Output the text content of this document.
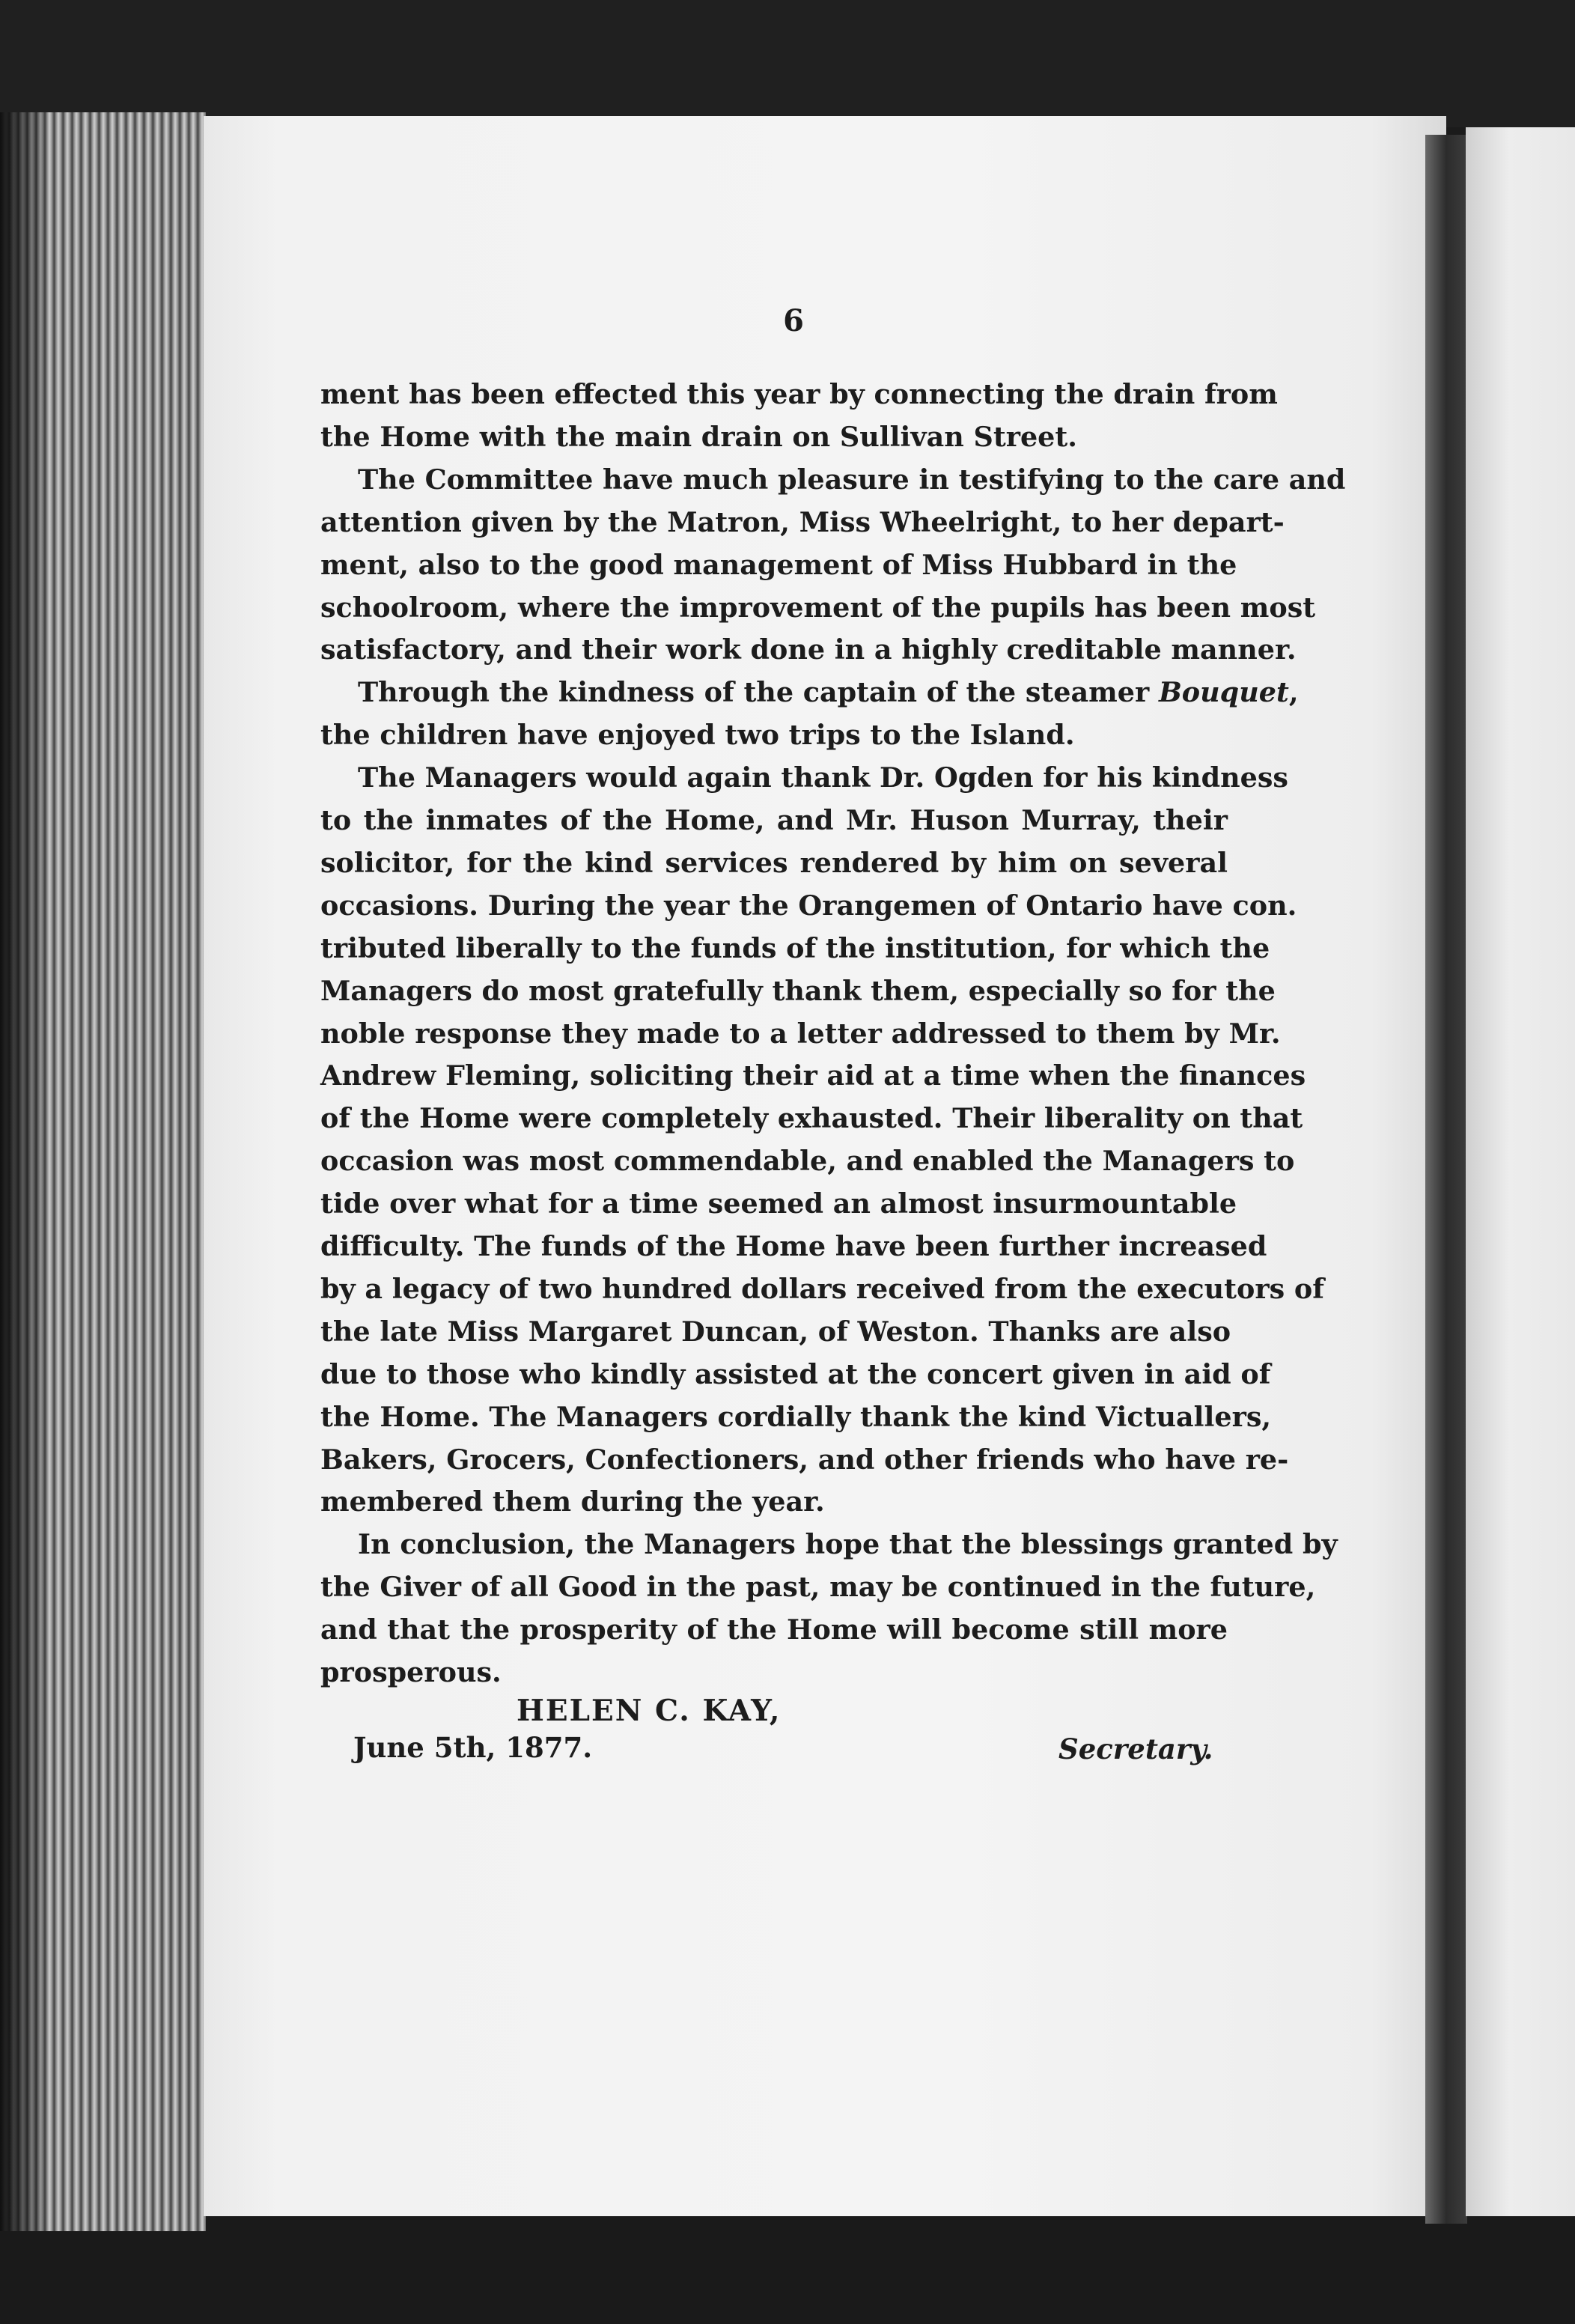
6
ment has been effected this year by connecting the drain from
the Home with the main drain on Sullivan Street.
The Committee have much pleasure in testifying to the care and
attention given by the Matron, Miss Wheelright, to her depart-
ment, also to the good management of Miss Hubbard in the
schoolroom, where the improvement of the pupils has been most
satisfactory, and their work done in a highly creditable manner.
Through the kindness of the captain of the steamer Bouquet
the children have enjoyed two trips to the Island.
The Managers would again thank Dr. Ogden for his kindness
to the inmates of the Home, and Mr. Huson Murray, their
solicitor, for the kind services rendered by him on several
occasions. During the year the Orangemen of Ontario have con.
tributed liberally to the funds of the institution, for which the
Managers do most gratefully thank them, especially so for the
noble response they made to a letter addressed to them by Mr.
Andrew Fleming, soliciting their aid at a time when the finances
of the Home were completely exhausted. Their liberality on that
occasion was most commendable, and enabled the Managers to
tide over what for a time seemed an almost insurmountable
difficulty. The funds of the Home have been further increased
by a legacy of two hundred dollars received from the executors of
the late Miss Margaret Duncan, of Weston. Thanks are also
due to those who kindly assisted at the concert given in aid of
the Home. The Managers cordially thank the kind Victuallers,
Bakers, Grocers, Confectioners, and other friends who have re-
membered them during the year.
In conclusion, the Managers hope that the blessings granted by
the Giver of all Good in the past, may be continued in the future,
and that the prosperity of the Home will become still more
prosperous.
HELEN C. KAY,
June 5th, 1877.	Secretary.
